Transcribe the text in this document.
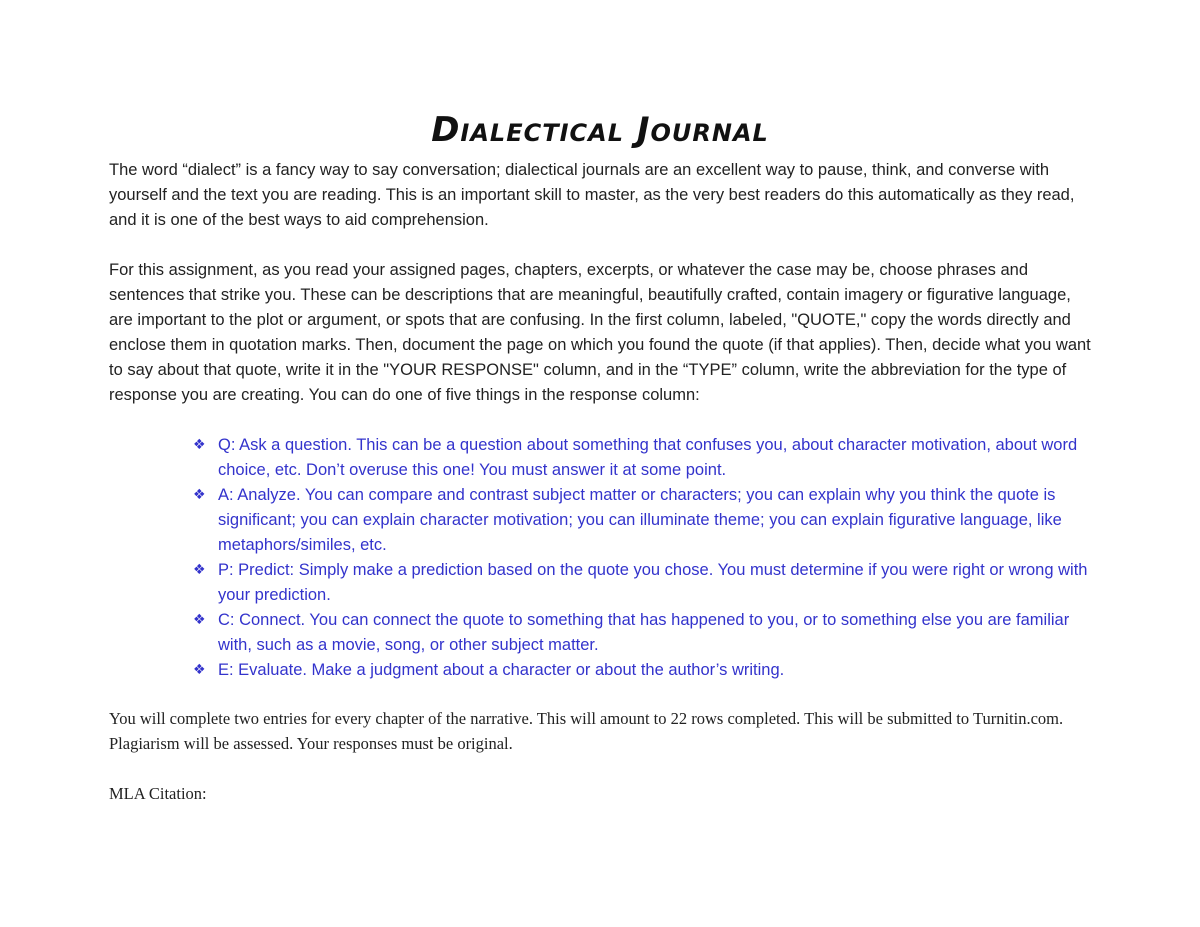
Dialectical Journal

The word “dialect” is a fancy way to say conversation; dialectical journals are an excellent way to pause, think, and converse with yourself and the text you are reading. This is an important skill to master, as the very best readers do this automatically as they read, and it is one of the best ways to aid comprehension.

For this assignment, as you read your assigned pages, chapters, excerpts, or whatever the case may be, choose phrases and sentences that strike you. These can be descriptions that are meaningful, beautifully crafted, contain imagery or figurative language, are important to the plot or argument, or spots that are confusing. In the first column, labeled, "QUOTE," copy the words directly and enclose them in quotation marks. Then, document the page on which you found the quote (if that applies). Then, decide what you want to say about that quote, write it in the "YOUR RESPONSE" column, and in the “TYPE” column, write the abbreviation for the type of response you are creating. You can do one of five things in the response column:

❖ Q: Ask a question. This can be a question about something that confuses you, about character motivation, about word choice, etc. Don’t overuse this one! You must answer it at some point.
❖ A: Analyze. You can compare and contrast subject matter or characters; you can explain why you think the quote is significant; you can explain character motivation; you can illuminate theme; you can explain figurative language, like metaphors/similes, etc.
❖ P: Predict: Simply make a prediction based on the quote you chose. You must determine if you were right or wrong with your prediction.
❖ C: Connect. You can connect the quote to something that has happened to you, or to something else you are familiar with, such as a movie, song, or other subject matter.
❖ E: Evaluate. Make a judgment about a character or about the author’s writing.

You will complete two entries for every chapter of the narrative. This will amount to 22 rows completed. This will be submitted to Turnitin.com. Plagiarism will be assessed. Your responses must be original.

MLA Citation:
